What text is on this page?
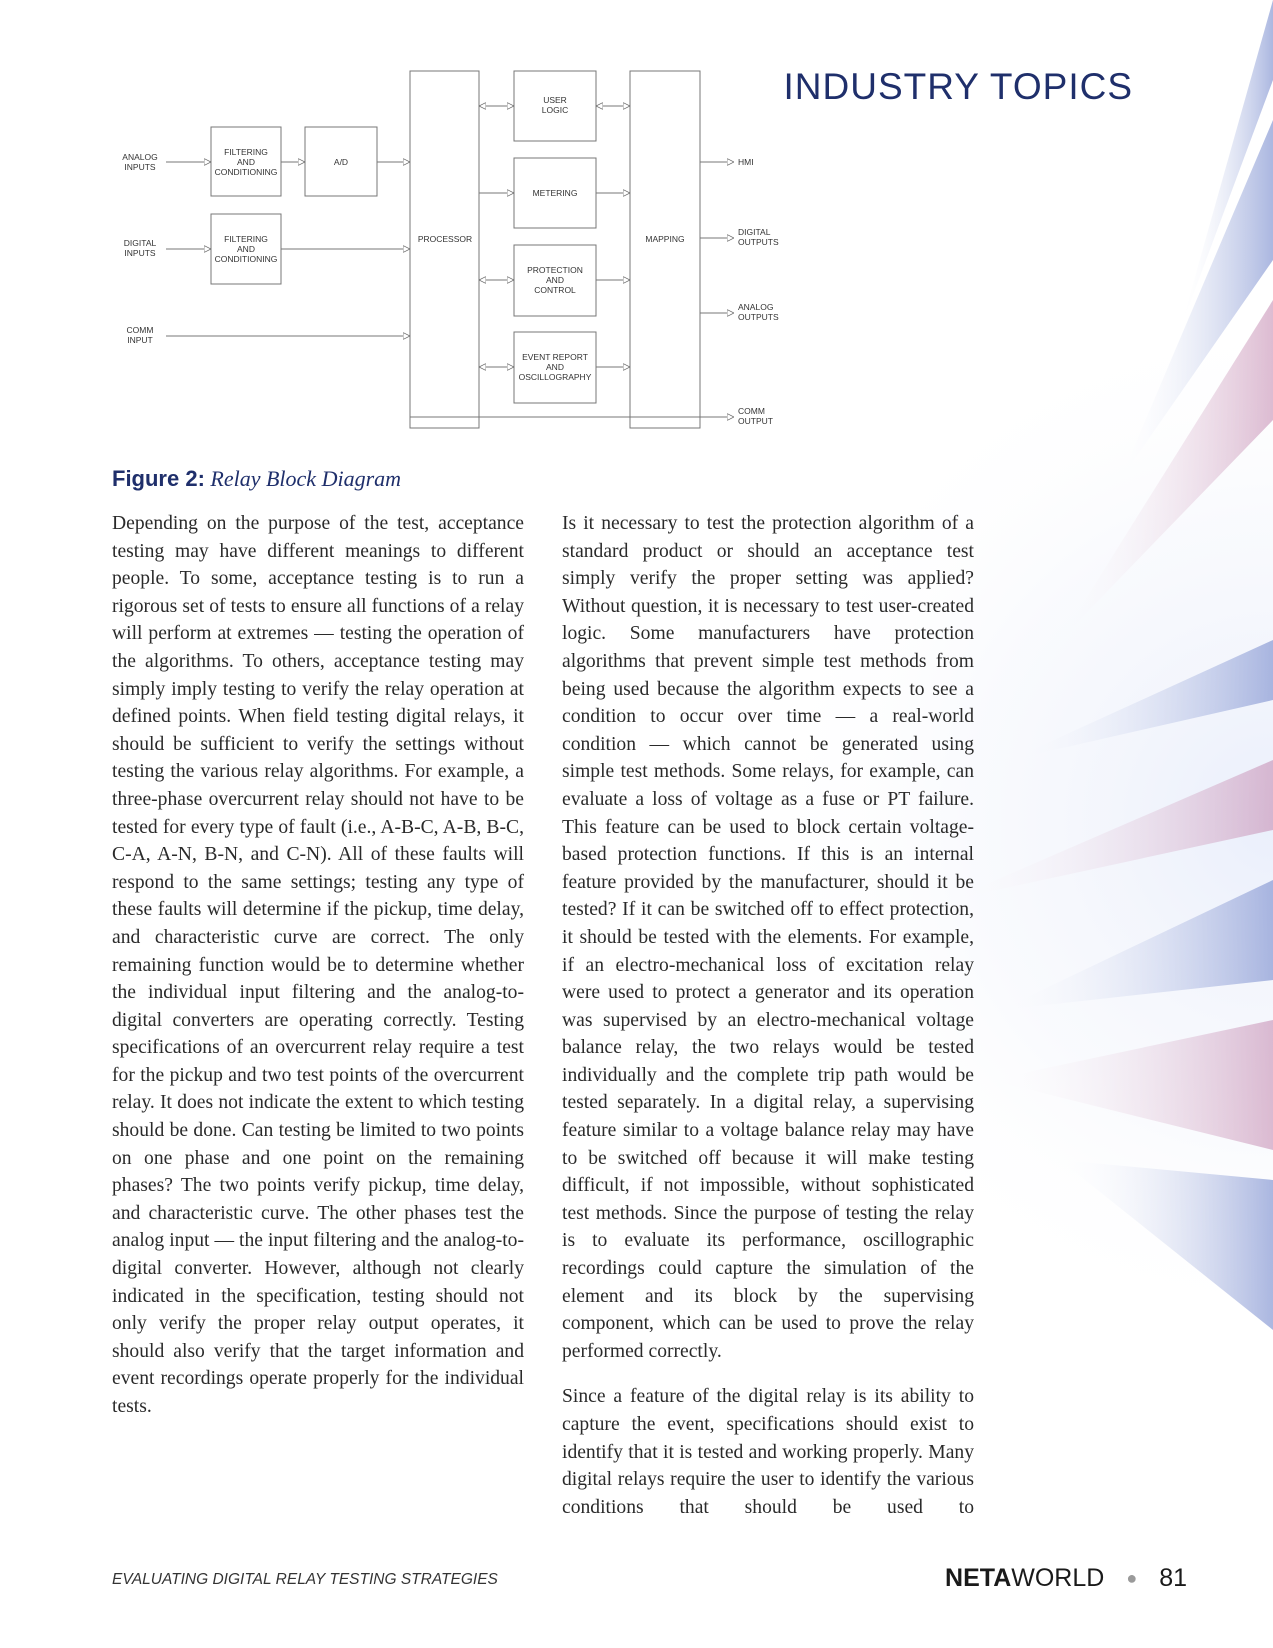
INDUSTRY TOPICS
ANALOG
INPUTS
DIGITAL
INPUTS
COMM
INPUT
FILTERING
AND
CONDITIONING
FILTERING
AND
CONDITIONING
A/D
PROCESSOR
USER
LOGIC
METERING
PROTECTION
AND
CONTROL
EVENT REPORT
AND
OSCILLOGRAPHY
MAPPING
HMI
DIGITAL
OUTPUTS
ANALOG
OUTPUTS
COMM
OUTPUT
Figure 2: Relay Block Diagram

Depending on the purpose of the test, acceptance testing may have different meanings to different people. To some, acceptance testing is to run a rigorous set of tests to ensure all functions of a relay will perform at extremes — testing the operation of the algorithms. To others, acceptance testing may simply imply testing to verify the relay operation at defined points. When field testing digital relays, it should be sufficient to verify the settings without testing the various relay algorithms. For example, a three-phase overcurrent relay should not have to be tested for every type of fault (i.e., A-B-C, A-B, B-C, C-A, A-N, B-N, and C-N). All of these faults will respond to the same settings; testing any type of these faults will determine if the pickup, time delay, and characteristic curve are correct. The only remaining function would be to determine whether the individual input filtering and the analog-to-digital converters are operating correctly. Testing specifications of an overcurrent relay require a test for the pickup and two test points of the overcurrent relay. It does not indicate the extent to which testing should be done. Can testing be limited to two points on one phase and one point on the remaining phases? The two points verify pickup, time delay, and characteristic curve. The other phases test the analog input — the input filtering and the analog-to-digital converter. However, although not clearly indicated in the specification, testing should not only verify the proper relay output operates, it should also verify that the target information and event recordings operate properly for the individual tests.

Is it necessary to test the protection algorithm of a standard product or should an acceptance test simply verify the proper setting was applied? Without question, it is necessary to test user-created logic. Some manufacturers have protection algorithms that prevent simple test methods from being used because the algorithm expects to see a condition to occur over time — a real-world condition — which cannot be generated using simple test methods. Some relays, for example, can evaluate a loss of voltage as a fuse or PT failure. This feature can be used to block certain voltage-based protection functions. If this is an internal feature provided by the manufacturer, should it be tested? If it can be switched off to effect protection, it should be tested with the elements. For example, if an electro-mechanical loss of excitation relay were used to protect a generator and its operation was supervised by an electro-mechanical voltage balance relay, the two relays would be tested individually and the complete trip path would be tested separately. In a digital relay, a supervising feature similar to a voltage balance relay may have to be switched off because it will make testing difficult, if not impossible, without sophisticated test methods. Since the purpose of testing the relay is to evaluate its performance, oscillographic recordings could capture the simulation of the element and its block by the supervising component, which can be used to prove the relay performed correctly.

Since a feature of the digital relay is its ability to capture the event, specifications should exist to identify that it is tested and working properly. Many digital relays require the user to identify the various conditions that should be used to

EVALUATING DIGITAL RELAY TESTING STRATEGIES	NETA WORLD ● 81
